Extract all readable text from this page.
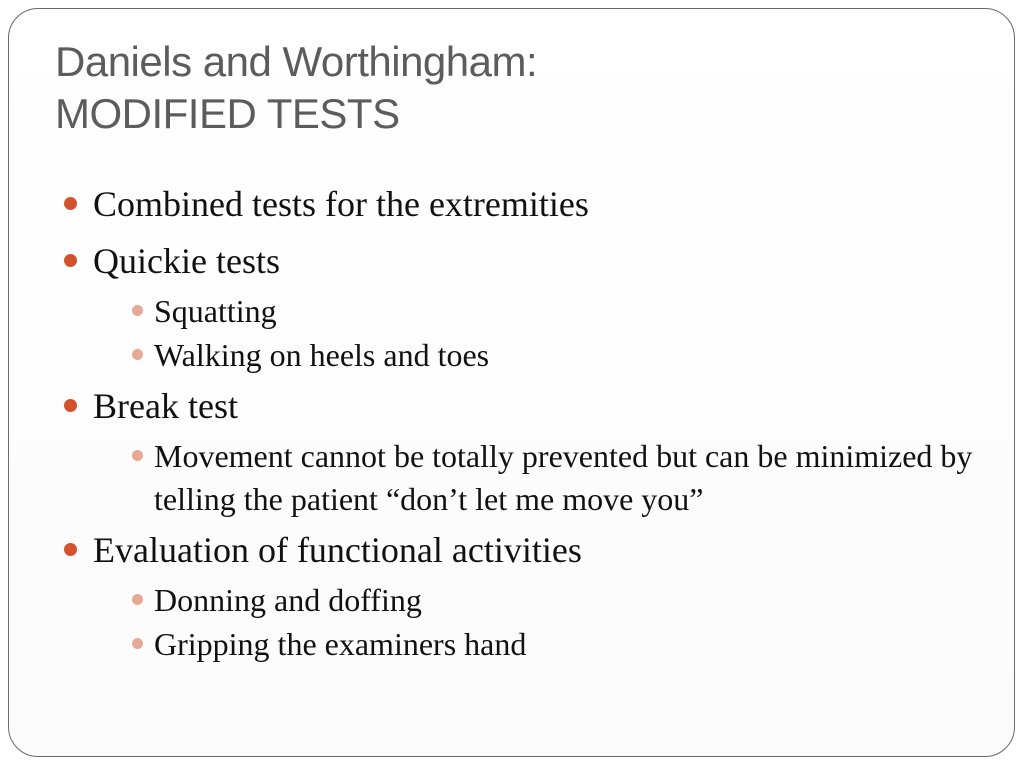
Daniels and Worthingham:
MODIFIED TESTS
Combined tests for the extremities
Quickie tests
Squatting
Walking on heels and toes
Break test
Movement cannot be totally prevented but can be minimized by telling the patient “don’t let me move you”
Evaluation of functional activities
Donning and doffing
Gripping the examiners hand
